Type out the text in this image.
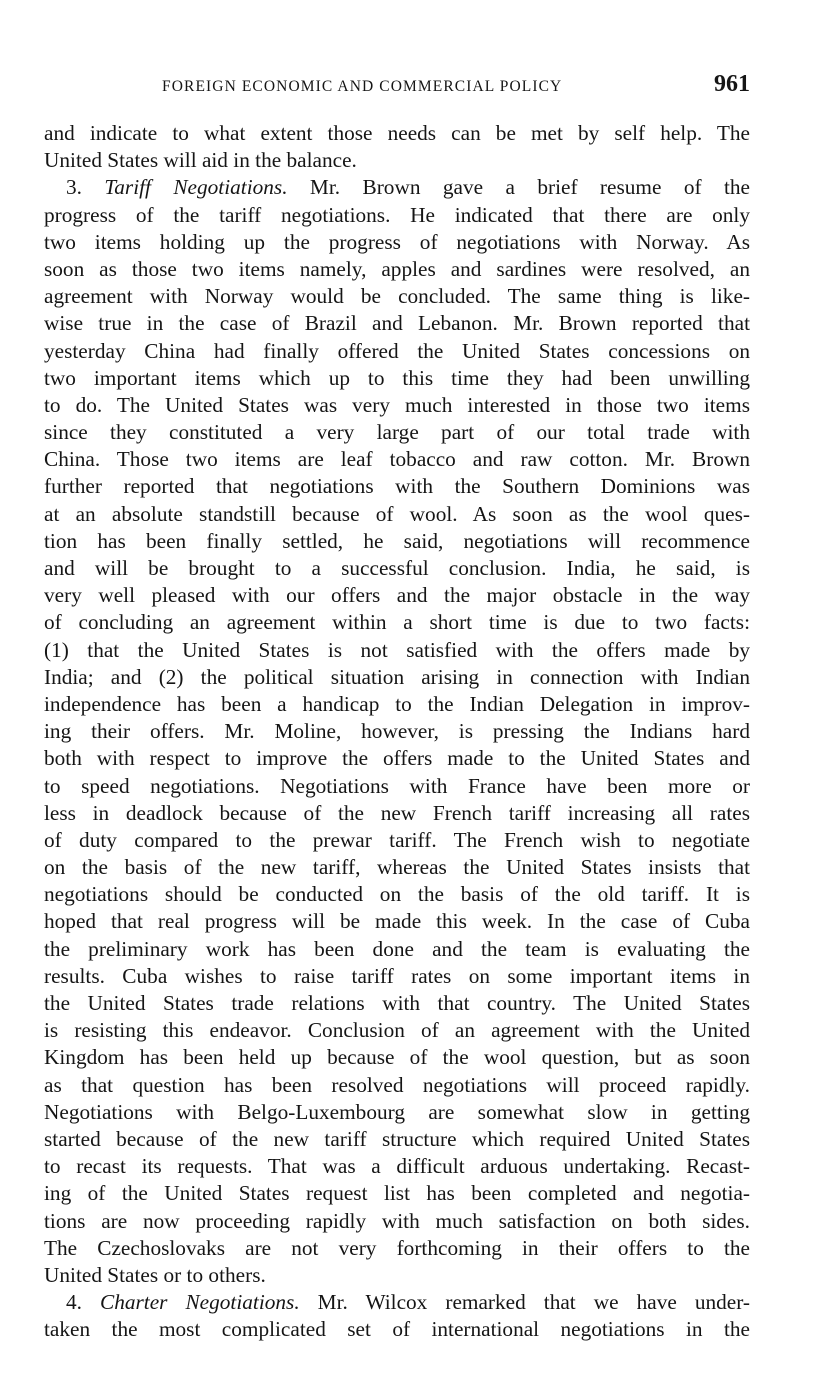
FOREIGN ECONOMIC AND COMMERCIAL POLICY	961
and indicate to what extent those needs can be met by self help. The
United States will aid in the balance.
3. Tariff Negotiations. Mr. Brown gave a brief resume of the
progress of the tariff negotiations. He indicated that there are only
two items holding up the progress of negotiations with Norway. As
soon as those two items namely, apples and sardines were resolved, an
agreement with Norway would be concluded. The same thing is like-
wise true in the case of Brazil and Lebanon. Mr. Brown reported that
yesterday China had finally offered the United States concessions on
two important items which up to this time they had been unwilling
to do. The United States was very much interested in those two items
since they constituted a very large part of our total trade with
China. Those two items are leaf tobacco and raw cotton. Mr. Brown
further reported that negotiations with the Southern Dominions was
at an absolute standstill because of wool. As soon as the wool ques-
tion has been finally settled, he said, negotiations will recommence
and will be brought to a successful conclusion. India, he said, is
very well pleased with our offers and the major obstacle in the way
of concluding an agreement within a short time is due to two facts:
(1) that the United States is not satisfied with the offers made by
India; and (2) the political situation arising in connection with Indian
independence has been a handicap to the Indian Delegation in improv-
ing their offers. Mr. Moline, however, is pressing the Indians hard
both with respect to improve the offers made to the United States and
to speed negotiations. Negotiations with France have been more or
less in deadlock because of the new French tariff increasing all rates
of duty compared to the prewar tariff. The French wish to negotiate
on the basis of the new tariff, whereas the United States insists that
negotiations should be conducted on the basis of the old tariff. It is
hoped that real progress will be made this week. In the case of Cuba
the preliminary work has been done and the team is evaluating the
results. Cuba wishes to raise tariff rates on some important items in
the United States trade relations with that country. The United States
is resisting this endeavor. Conclusion of an agreement with the United
Kingdom has been held up because of the wool question, but as soon
as that question has been resolved negotiations will proceed rapidly.
Negotiations with Belgo-Luxembourg are somewhat slow in getting
started because of the new tariff structure which required United States
to recast its requests. That was a difficult arduous undertaking. Recast-
ing of the United States request list has been completed and negotia-
tions are now proceeding rapidly with much satisfaction on both sides.
The Czechoslovaks are not very forthcoming in their offers to the
United States or to others.
4. Charter Negotiations. Mr. Wilcox remarked that we have under-
taken the most complicated set of international negotiations in the
